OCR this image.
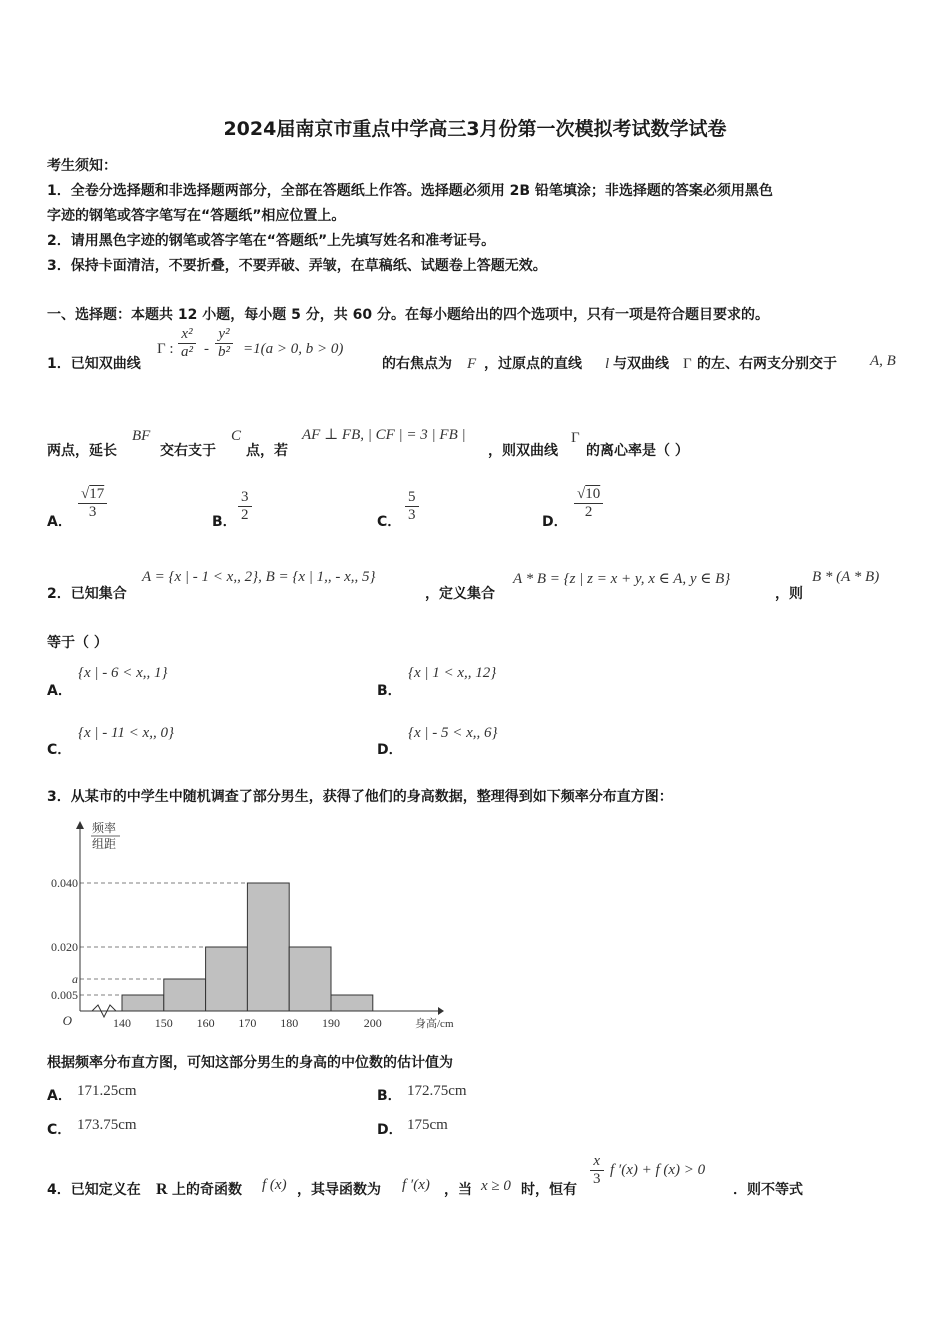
2024届南京市重点中学高三3月份第一次模拟考试数学试卷
考生须知：
1．全卷分选择题和非选择题两部分，全部在答题纸上作答。选择题必须用 2B 铅笔填涂；非选择题的答案必须用黑色
字迹的钢笔或答字笔写在“答题纸”相应位置上。
2．请用黑色字迹的钢笔或答字笔在“答题纸”上先填写姓名和准考证号。
3．保持卡面清洁，不要折叠，不要弄破、弄皱，在草稿纸、试题卷上答题无效。
一、选择题：本题共 12 小题，每小题 5 分，共 60 分。在每小题给出的四个选项中，只有一项是符合题目要求的。
1．已知双曲线
Γ : $\frac{\text{x²}}{\text{a²}} - \frac{\text{y²}}{\text{b²}} =1(a > 0$, b > 0)
的右焦点为 F ，过原点的直线 l 与双曲线 Γ 的左、右两支分别交于 A, B
两点，延长
BF
交右支于
C
点，若
AF ⊥ FB, | CF | = 3 | FB |
，则双曲线
Γ
的离心率是（ ）
A．
$\frac{√17}{3}$
B． $\frac{3}{2}$	C． $\frac{5}{3}$	D．
$\frac{√10}{2}$
2．已知集合
A = {x | - 1 < x,, 2}, B = {x | 1,, - x,, 5}
，定义集合
A * B = {z | z = x + y, x ∈ A, y ∈ B}
，则
B * (A * B)
等于（ ）
A．
{x | - 6 < x,, 1}
B．
{x | 1 < x,, 12}
C．
{x | - 11 < x,, 0}
D．
{x | - 5 < x,, 6}
3．从某市的中学生中随机调查了部分男生，获得了他们的身高数据，整理得到如下频率分布直方图：
O
频率
组距
身高/cm
140 150 160 170 180 190 200
0.040
0.020
a
0.005
根据频率分布直方图，可知这部分男生的身高的中位数的估计值为
A． 171.25cm	B． 172.75cm
C． 173.75cm	D． 175cm
4．已知定义在 R 上的奇函数 f (x) ，其导函数为 f ′(x) ，当 x ≥ 0 时，恒有
$\frac{x}{3}$ f ′(x) + f (x) > 0
．则不等式
